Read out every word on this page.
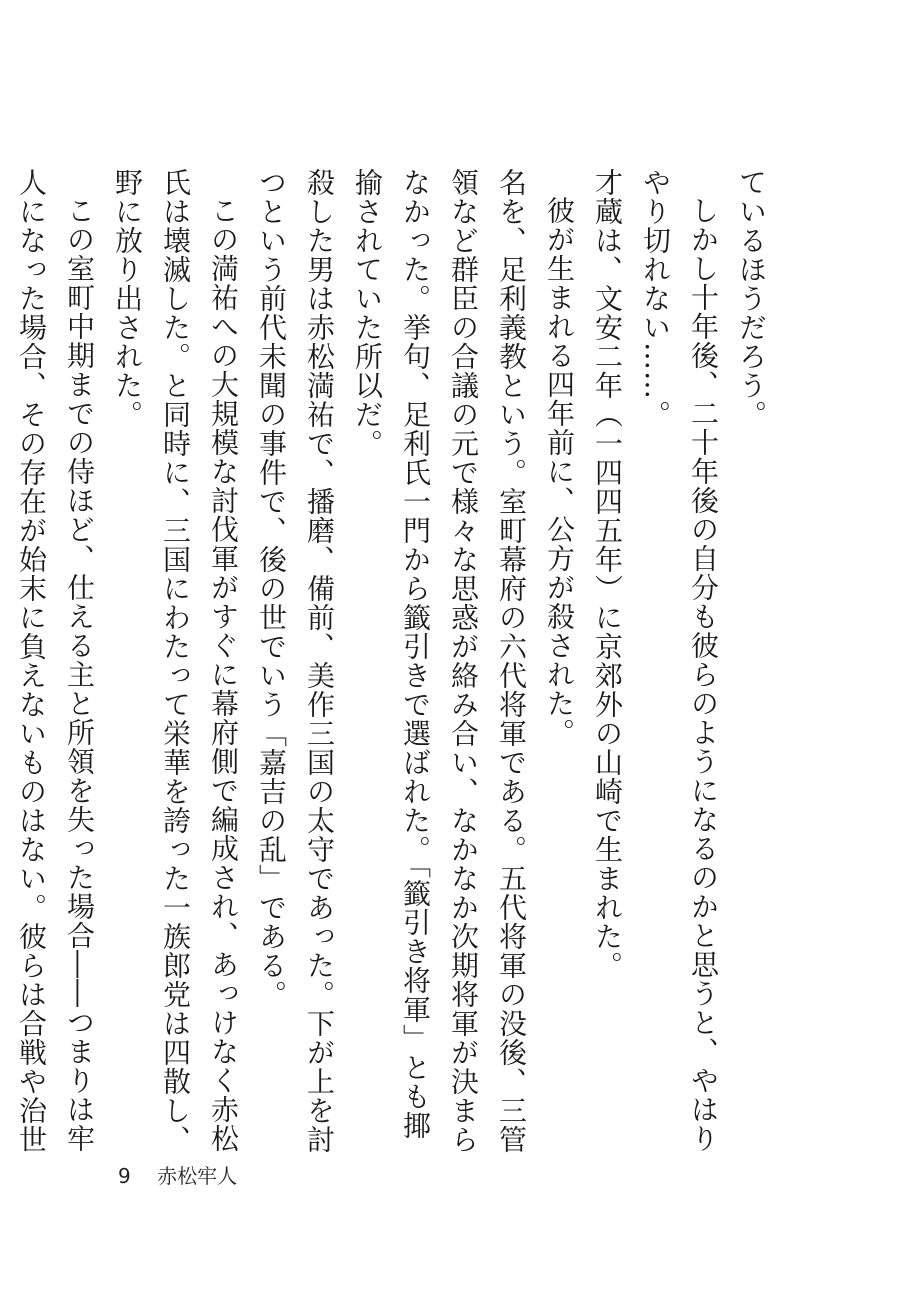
ているほうだろう。

しかし十年後、二十年後の自分も彼らのようになるのかと思うと、やはりやり切れない……。

才蔵は、文安二年（一四四五年）に京郊外の山崎で生まれた。

彼が生まれる四年前に、公方が殺された。

名を、足利義教という。室町幕府の六代将軍である。五代将軍の没後、三管領など群臣の合議の元で様々な思惑が絡み合い、なかなか次期将軍が決まらなかった。挙句、足利氏一門から籤引きで選ばれた。「籤引き将軍」とも揶揄されていた所以だ。

殺した男は赤松満祐で、播磨、備前、美作三国の太守であった。下が上を討つという前代未聞の事件で、後の世でいう「嘉吉の乱」である。

この満祐への大規模な討伐軍がすぐに幕府側で編成され、あっけなく赤松氏は壊滅した。と同時に、三国にわたって栄華を誇った一族郎党は四散し、野に放り出された。

この室町中期までの侍ほど、仕える主と所領を失った場合――つまりは牢人になった場合、その存在が始末に負えないものはない。彼らは合戦や治世

9 赤松牢人
